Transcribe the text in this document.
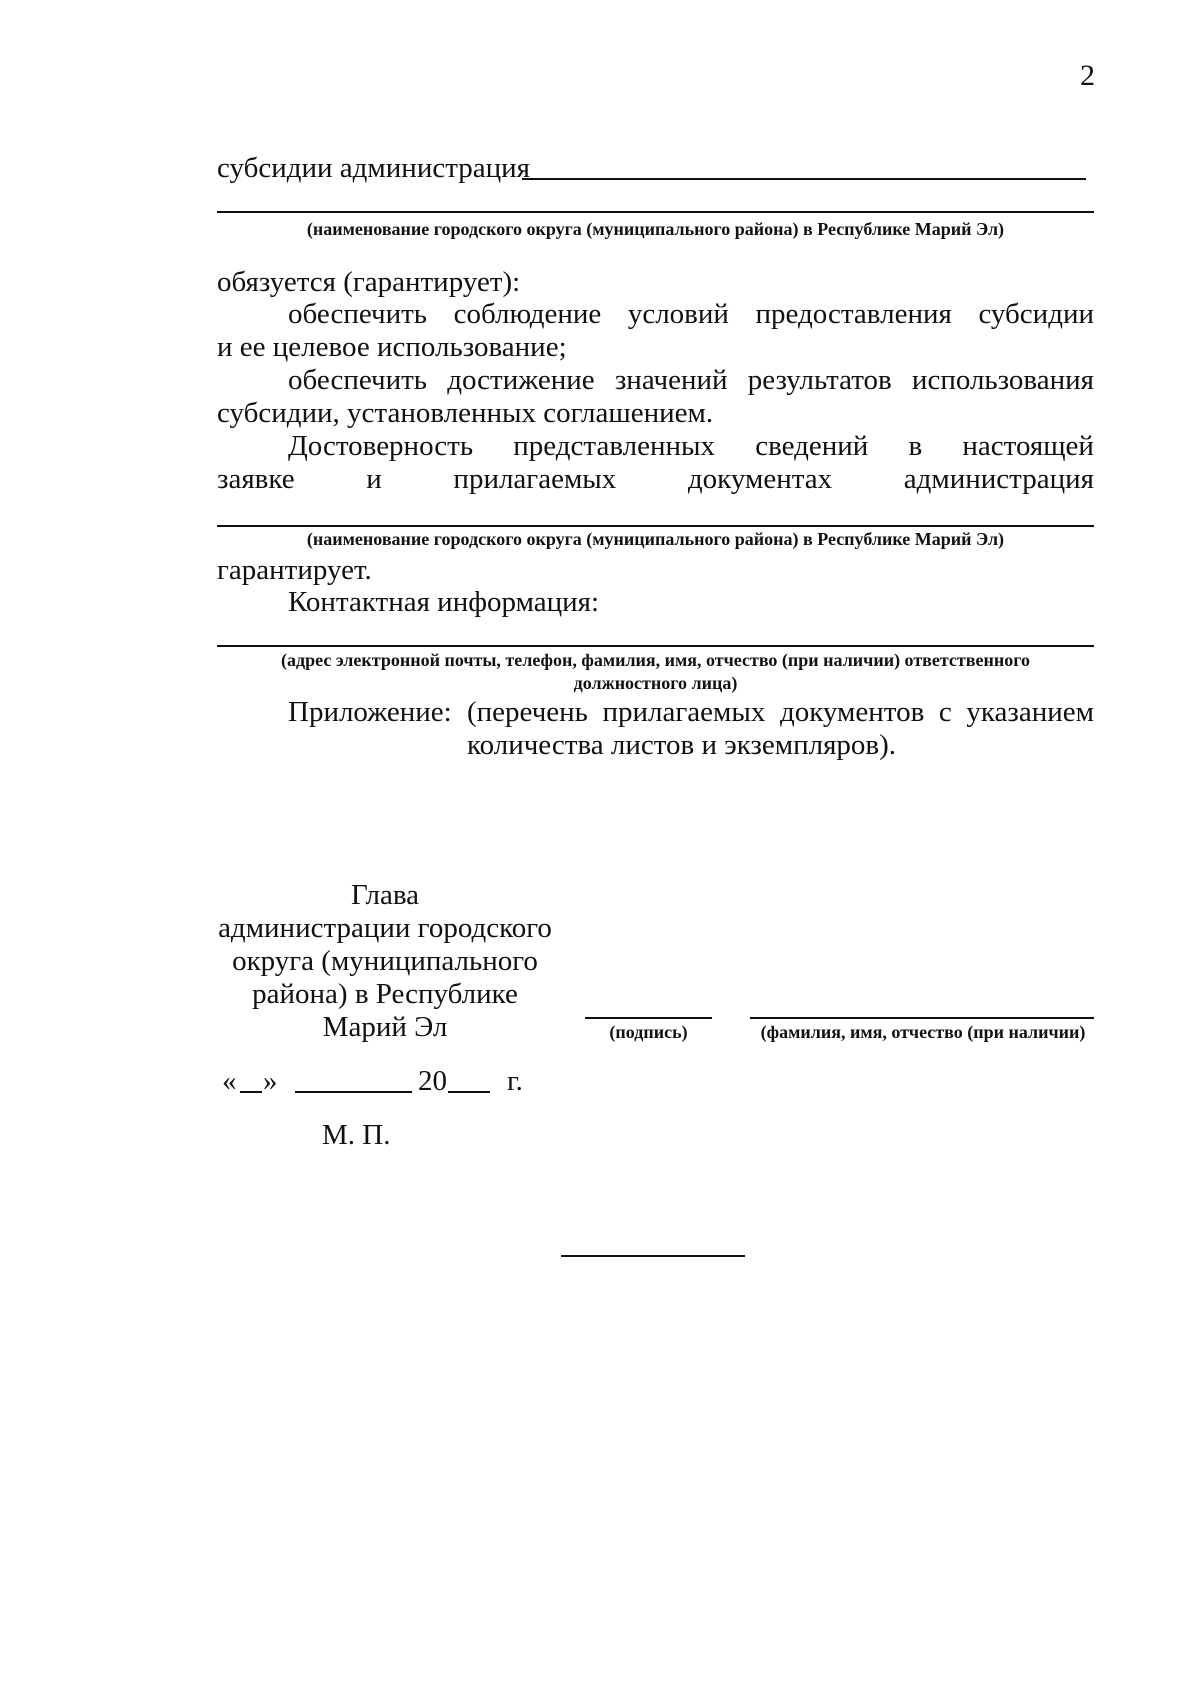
2
субсидии администрация
(наименование городского округа (муниципального района) в Республике Марий Эл)
обязуется (гарантирует):
обеспечить соблюдение условий предоставления субсидии
и ее целевое использование;
обеспечить достижение значений результатов использования
субсидии, установленных соглашением.
Достоверность представленных сведений в настоящей
заявке и прилагаемых документах администрация
(наименование городского округа (муниципального района) в Республике Марий Эл)
гарантирует.
Контактная информация:
(адрес электронной почты, телефон, фамилия, имя, отчество (при наличии) ответственного
должностного лица)
Приложение: (перечень прилагаемых документов с указанием
количества листов и экземпляров).
Глава
администрации городского
округа (муниципального
района) в Республике
Марий Эл	(подпись)	(фамилия, имя, отчество (при наличии)
« »	20 г.
М. П.
